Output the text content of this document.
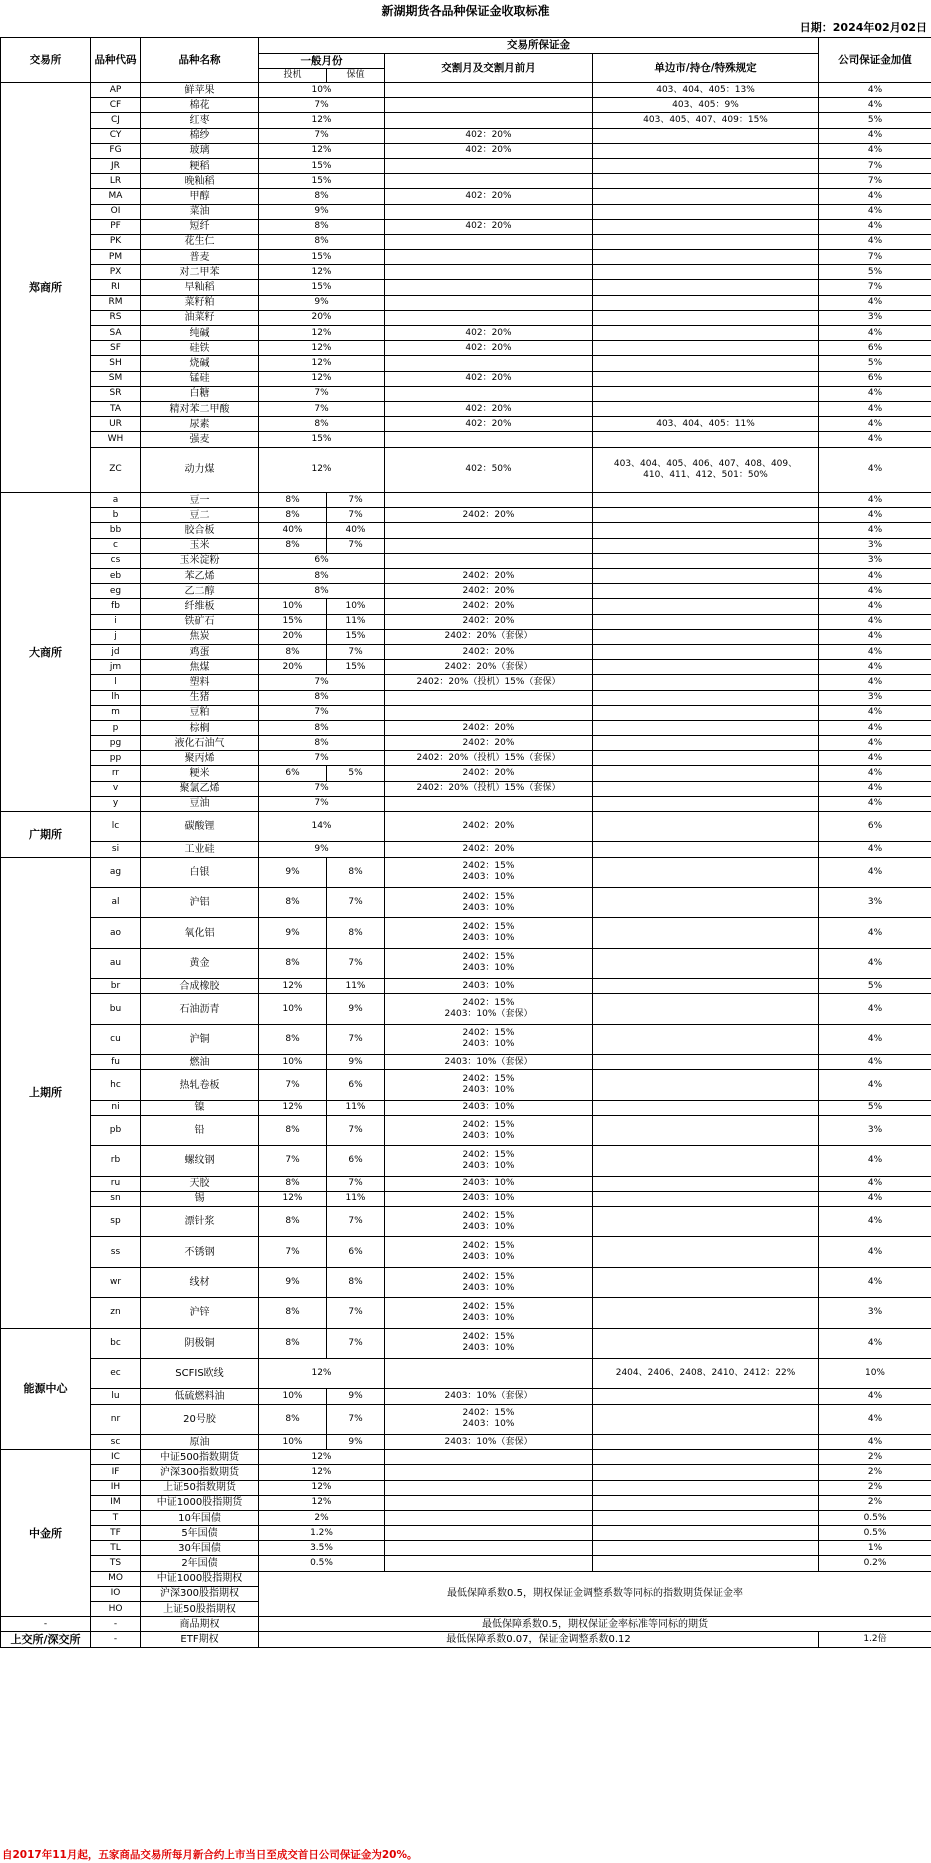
新湖期货各品种保证金收取标准
日期：2024年02月02日
交易所	品种代码	品种名称	交易所保证金				公司保证金加值
			一般月份		交割月及交割月前月	单边市/持仓/特殊规定	
			投机	保值			
郑商所	AP	鲜苹果	10%			403、404、405：13%	4%
	CF	棉花	7%			403、405：9%	4%
	CJ	红枣	12%			403、405、407、409：15%	5%
	CY	棉纱	7%		402：20%		4%
	FG	玻璃	12%		402：20%		4%
	JR	粳稻	15%				7%
	LR	晚籼稻	15%				7%
	MA	甲醇	8%		402：20%		4%
	OI	菜油	9%				4%
	PF	短纤	8%		402：20%		4%
	PK	花生仁	8%				4%
	PM	普麦	15%				7%
	PX	对二甲苯	12%				5%
	RI	早籼稻	15%				7%
	RM	菜籽粕	9%				4%
	RS	油菜籽	20%				3%
	SA	纯碱	12%		402：20%		4%
	SF	硅铁	12%		402：20%		6%
	SH	烧碱	12%				5%
	SM	锰硅	12%		402：20%		6%
	SR	白糖	7%				4%
	TA	精对苯二甲酸	7%		402：20%		4%
	UR	尿素	8%		402：20%	403、404、405：11%	4%
	WH	强麦	15%				4%
	ZC	动力煤	12%		402：50%	403、404、405、406、407、408、409、
410、411、412、501：50%	4%
大商所	a	豆一	8%	7%			4%
	b	豆二	8%	7%	2402：20%		4%
	bb	胶合板	40%	40%			4%
	c	玉米	8%	7%			3%
	cs	玉米淀粉	6%				3%
	eb	苯乙烯	8%		2402：20%		4%
	eg	乙二醇	8%		2402：20%		4%
	fb	纤维板	10%	10%	2402：20%		4%
	i	铁矿石	15%	11%	2402：20%		4%
	j	焦炭	20%	15%	2402：20%（套保）		4%
	jd	鸡蛋	8%	7%	2402：20%		4%
	jm	焦煤	20%	15%	2402：20%（套保）		4%
	l	塑料	7%		2402：20%（投机）15%（套保）		4%
	lh	生猪	8%				3%
	m	豆粕	7%				4%
	p	棕榈	8%		2402：20%		4%
	pg	液化石油气	8%		2402：20%		4%
	pp	聚丙烯	7%		2402：20%（投机）15%（套保）		4%
	rr	粳米	6%	5%	2402：20%		4%
	v	聚氯乙烯	7%		2402：20%（投机）15%（套保）		4%
	y	豆油	7%				4%
广期所	lc	碳酸锂	14%		2402：20%		6%
	si	工业硅	9%		2402：20%		4%
上期所	ag	白银	9%	8%	2402：15%
2403：10%		4%
	al	沪铝	8%	7%	2402：15%
2403：10%		3%
	ao	氧化铝	9%	8%	2402：15%
2403：10%		4%
	au	黄金	8%	7%	2402：15%
2403：10%		4%
	br	合成橡胶	12%	11%	2403：10%		5%
	bu	石油沥青	10%	9%	2402：15%
2403：10%（套保）		4%
	cu	沪铜	8%	7%	2402：15%
2403：10%		4%
	fu	燃油	10%	9%	2403：10%（套保）		4%
	hc	热轧卷板	7%	6%	2402：15%
2403：10%		4%
	ni	镍	12%	11%	2403：10%		5%
	pb	铅	8%	7%	2402：15%
2403：10%		3%
	rb	螺纹钢	7%	6%	2402：15%
2403：10%		4%
	ru	天胶	8%	7%	2403：10%		4%
	sn	锡	12%	11%	2403：10%		4%
	sp	漂针浆	8%	7%	2402：15%
2403：10%		4%
	ss	不锈钢	7%	6%	2402：15%
2403：10%		4%
	wr	线材	9%	8%	2402：15%
2403：10%		4%
	zn	沪锌	8%	7%	2402：15%
2403：10%		3%
能源中心	bc	阴极铜	8%	7%	2402：15%
2403：10%		4%
	ec	SCFIS欧线	12%			2404、2406、2408、2410、2412：22%	10%
	lu	低硫燃料油	10%	9%	2403：10%（套保）		4%
	nr	20号胶	8%	7%	2402：15%
2403：10%		4%
	sc	原油	10%	9%	2403：10%（套保）		4%
中金所	IC	中证500指数期货	12%				2%
	IF	沪深300指数期货	12%				2%
	IH	上证50指数期货	12%				2%
	IM	中证1000股指期货	12%				2%
	T	10年国债	2%				0.5%
	TF	5年国债	1.2%				0.5%
	TL	30年国债	3.5%				1%
	TS	2年国债	0.5%				0.2%
	MO	中证1000股指期权	最低保障系数0.5，期权保证金调整系数等同标的指数期货保证金率				
	IO	沪深300股指期权					
	HO	上证50股指期权					
-	-	商品期权	最低保障系数0.5，期权保证金率标准等同标的期货				
上交所/深交所	-	ETF期权	最低保障系数0.07，保证金调整系数0.12				1.2倍
自2017年11月起，五家商品交易所每月新合约上市当日至成交首日公司保证金为20%。
